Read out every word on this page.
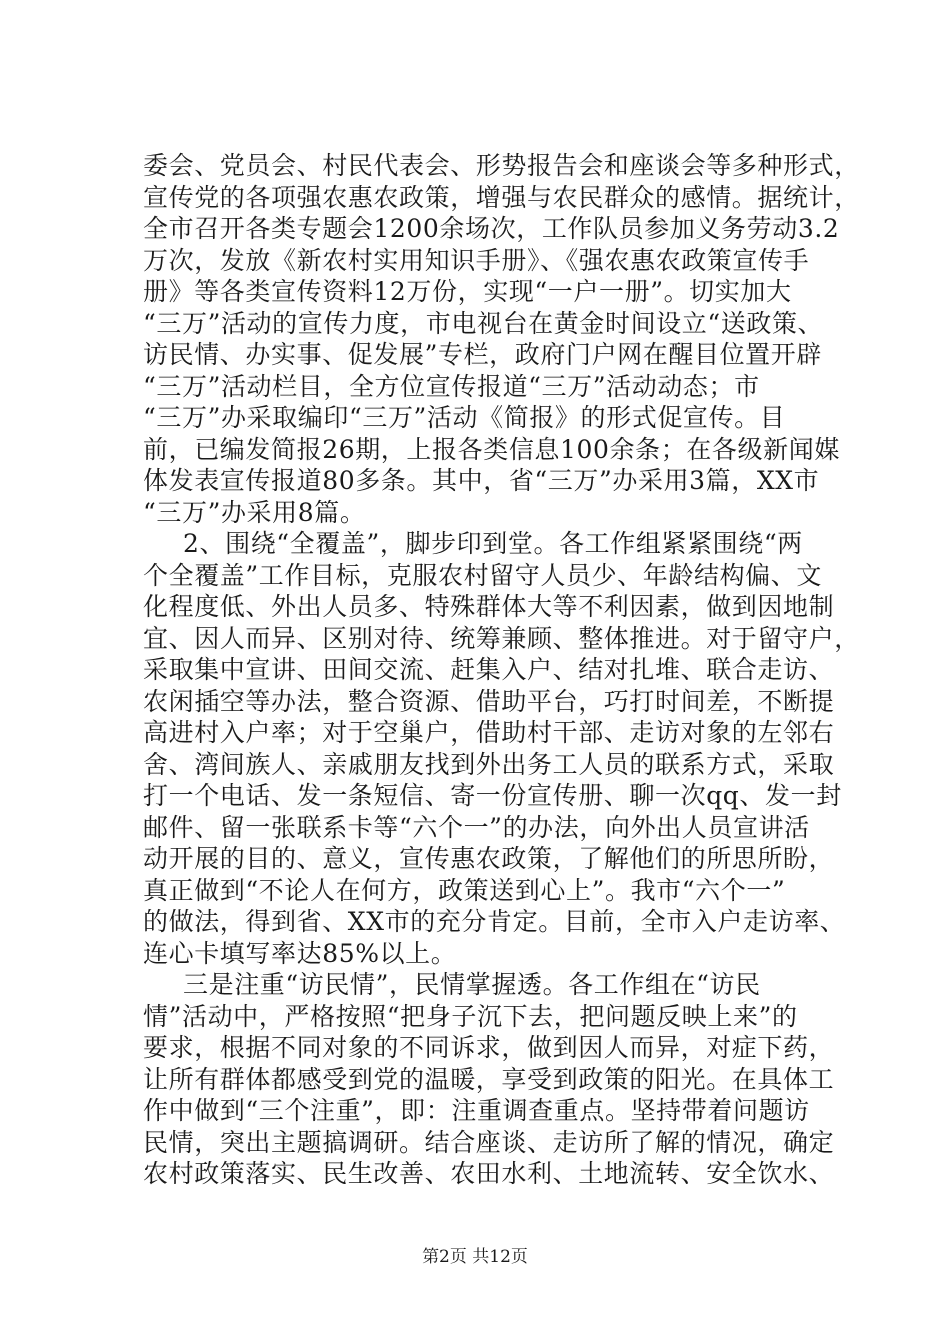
委会、党员会、村民代表会、形势报告会和座谈会等多种形式，
宣传党的各项强农惠农政策，增强与农民群众的感情。据统计，
全市召开各类专题会1200余场次，工作队员参加义务劳动3.2
万次，发放《新农村实用知识手册》、《强农惠农政策宣传手
册》等各类宣传资料12万份，实现“一户一册”。切实加大
“三万”活动的宣传力度，市电视台在黄金时间设立“送政策、
访民情、办实事、促发展”专栏，政府门户网在醒目位置开辟
“三万”活动栏目，全方位宣传报道“三万”活动动态；市
“三万”办采取编印“三万”活动《简报》的形式促宣传。目
前，已编发简报26期，上报各类信息100余条；在各级新闻媒
体发表宣传报道80多条。其中，省“三万”办采用3篇，XX市
“三万”办采用8篇。
2、围绕“全覆盖”，脚步印到堂。各工作组紧紧围绕“两
个全覆盖”工作目标，克服农村留守人员少、年龄结构偏、文
化程度低、外出人员多、特殊群体大等不利因素，做到因地制
宜、因人而异、区别对待、统筹兼顾、整体推进。对于留守户，
采取集中宣讲、田间交流、赶集入户、结对扎堆、联合走访、
农闲插空等办法，整合资源、借助平台，巧打时间差，不断提
高进村入户率；对于空巢户，借助村干部、走访对象的左邻右
舍、湾间族人、亲戚朋友找到外出务工人员的联系方式，采取
打一个电话、发一条短信、寄一份宣传册、聊一次qq、发一封
邮件、留一张联系卡等“六个一”的办法，向外出人员宣讲活
动开展的目的、意义，宣传惠农政策，了解他们的所思所盼，
真正做到“不论人在何方，政策送到心上”。我市“六个一”
的做法，得到省、XX市的充分肯定。目前，全市入户走访率、
连心卡填写率达85%以上。
三是注重“访民情”，民情掌握透。各工作组在“访民
情”活动中，严格按照“把身子沉下去，把问题反映上来”的
要求，根据不同对象的不同诉求，做到因人而异，对症下药，
让所有群体都感受到党的温暖，享受到政策的阳光。在具体工
作中做到“三个注重”，即：注重调查重点。坚持带着问题访
民情，突出主题搞调研。结合座谈、走访所了解的情况，确定
农村政策落实、民生改善、农田水利、土地流转、安全饮水、
第2页 共12页
